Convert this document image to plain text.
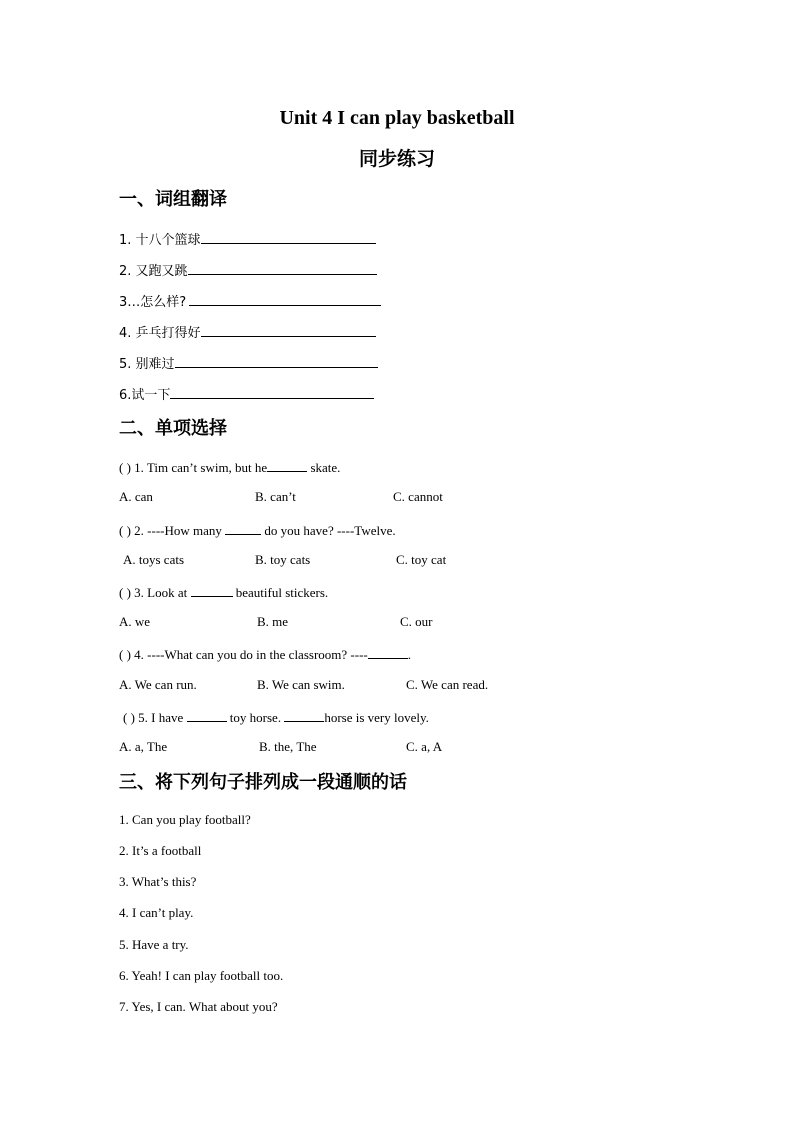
Unit 4 I can play basketball
同步练习
一、词组翻译
1. 十八个篮球
2. 又跑又跳
3…怎么样?
4. 乒乓打得好
5. 别难过
6.试一下
二、单项选择
( ) 1. Tim can’t swim, but he	skate.
A. can	B. can’t	C. cannot
( ) 2. ----How many	do you have? ----Twelve.
A. toys cats	B. toy cats	C. toy cat
( ) 3. Look at	beautiful stickers.
A. we	B. me	C. our
( ) 4. ----What can you do in the classroom? ----	.
A. We can run.	B. We can swim.	C. We can read.
( ) 5. I have	toy horse.	horse is very lovely.
A. a, The	B. the, The	C. a, A
三、将下列句子排列成一段通顺的话
1. Can you play football?
2. It’s a football
3. What’s this?
4. I can’t play.
5. Have a try.
6. Yeah! I can play football too.
7. Yes, I can. What about you?
